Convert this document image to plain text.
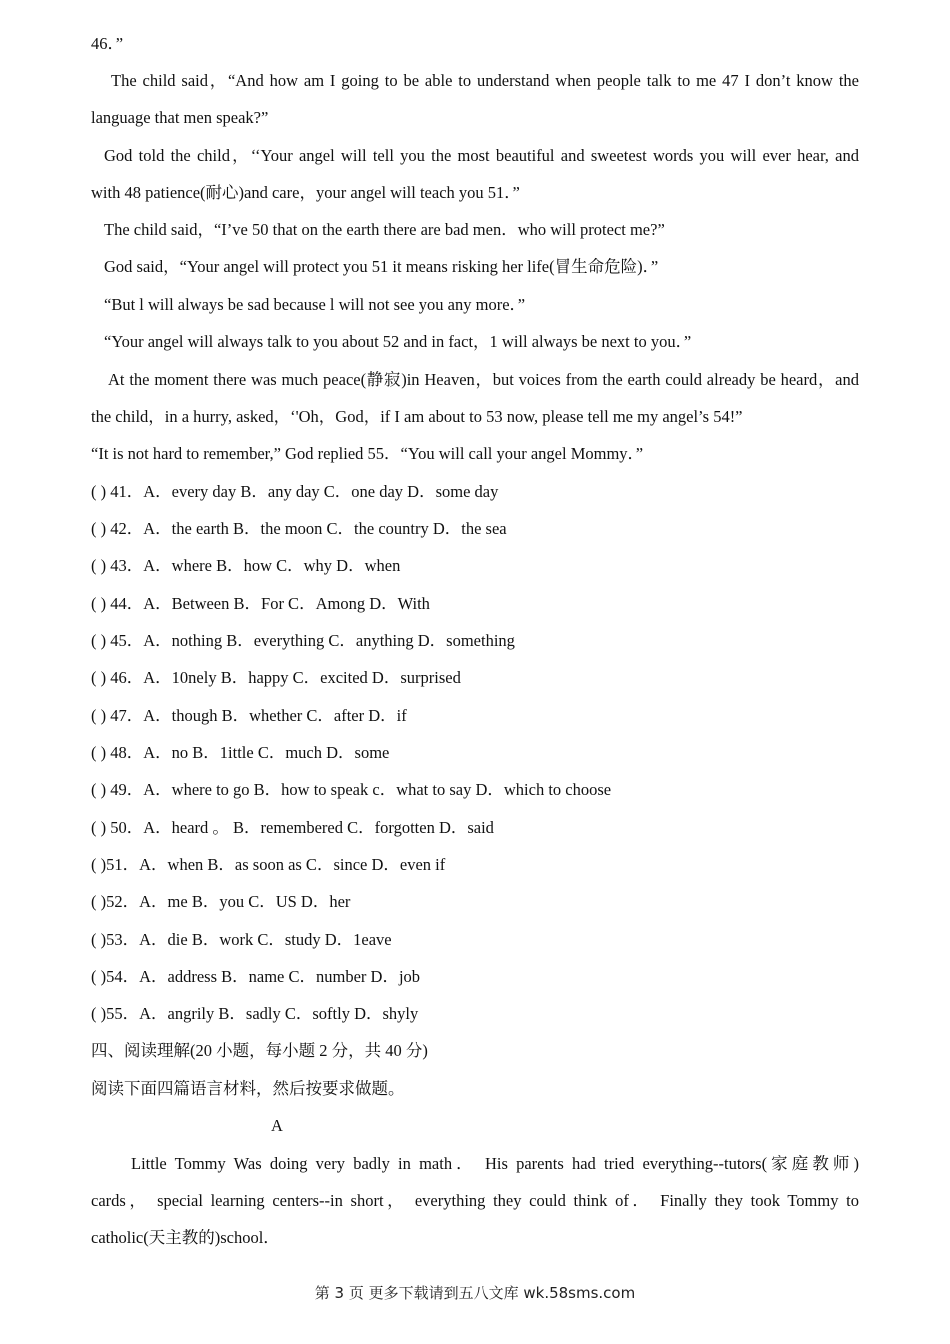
46．”
The child said，“And how am I going to be able to understand when people talk to me 47 I don’t know the
language that men speak?”
God told the child，‘‘Your angel will tell you the most beautiful and sweetest words you will ever hear, and
with 48 patience(耐心)and care，your angel will teach you 51．”
The child said，“I’ve 50 that on the earth there are bad men．who will protect me?”
God said，“Your angel will protect you 51 it means risking her life(冒生命危险)．”
“But l will always be sad because l will not see you any more．”
“Your angel will always talk to you about 52 and in fact，1 will always be next to you．”
At the moment there was much peace(静寂)in Heaven，but voices from the earth could already be heard，and
the child，in a hurry, asked，‘'Oh，God，if I am about to 53 now, please tell me my angel’s 54!”
“It is not hard to remember,” God replied 55．“You will call your angel Mommy．”
( ) 41．A．every day B．any day C．one day D．some day
( ) 42．A．the earth B．the moon C．the country D．the sea
( ) 43．A．where B．how C．why D．when
( ) 44．A．Between B．For C．Among D．With
( ) 45．A．nothing B．everything C．anything D．something
( ) 46．A．10nely B．happy C．excited D．surprised
( ) 47．A．though B．whether C．after D．if
( ) 48．A．no B．1ittle C．much D．some
( ) 49．A．where to go B．how to speak c．what to say D．which to choose
( ) 50．A．heard 。 B．remembered C．forgotten D．said
( )51．A．when B．as soon as C．since D．even if
( )52．A．me B．you C．US D．her
( )53．A．die B．work C．study D．1eave
( )54．A．address B．name C．number D．job
( )55．A．angrily B．sadly C．softly D．shyly
四、阅读理解(20 小题，每小题 2 分，共 40 分)
阅读下面四篇语言材料，然后按要求做题。
A
Little Tommy Was doing very badly in math． His parents had tried everything--tutors(家庭教师)
cards， special learning centers--in short， everything they could think of． Finally they took Tommy to
catholic(天主教的)school．
第 3 页 更多下载请到五八文库 wk.58sms.com
